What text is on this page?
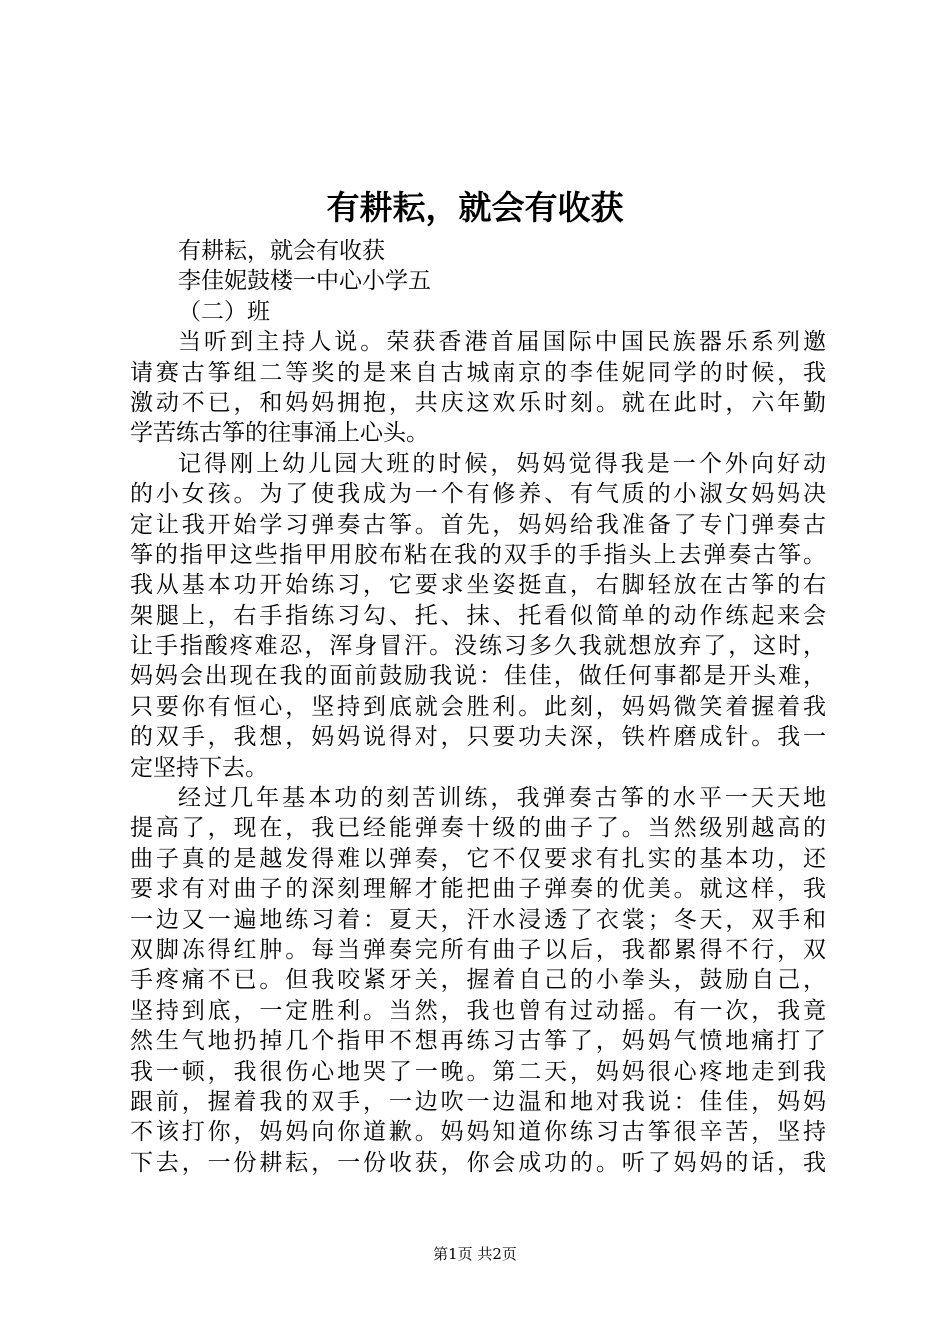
有耕耘，就会有收获
有耕耘，就会有收获
李佳妮鼓楼一中心小学五
（二）班
当听到主持人说。荣获香港首届国际中国民族器乐系列邀
请赛古筝组二等奖的是来自古城南京的李佳妮同学的时候，我
激动不已，和妈妈拥抱，共庆这欢乐时刻。就在此时，六年勤
学苦练古筝的往事涌上心头。
记得刚上幼儿园大班的时候，妈妈觉得我是一个外向好动
的小女孩。为了使我成为一个有修养、有气质的小淑女妈妈决
定让我开始学习弹奏古筝。首先，妈妈给我准备了专门弹奏古
筝的指甲这些指甲用胶布粘在我的双手的手指头上去弹奏古筝。
我从基本功开始练习，它要求坐姿挺直，右脚轻放在古筝的右
架腿上，右手指练习勾、托、抹、托看似简单的动作练起来会
让手指酸疼难忍，浑身冒汗。没练习多久我就想放弃了，这时，
妈妈会出现在我的面前鼓励我说：佳佳，做任何事都是开头难，
只要你有恒心，坚持到底就会胜利。此刻，妈妈微笑着握着我
的双手，我想，妈妈说得对，只要功夫深，铁杵磨成针。我一
定坚持下去。
经过几年基本功的刻苦训练，我弹奏古筝的水平一天天地
提高了，现在，我已经能弹奏十级的曲子了。当然级别越高的
曲子真的是越发得难以弹奏，它不仅要求有扎实的基本功，还
要求有对曲子的深刻理解才能把曲子弹奏的优美。就这样，我
一边又一遍地练习着：夏天，汗水浸透了衣裳；冬天，双手和
双脚冻得红肿。每当弹奏完所有曲子以后，我都累得不行，双
手疼痛不已。但我咬紧牙关，握着自己的小拳头，鼓励自己，
坚持到底，一定胜利。当然，我也曾有过动摇。有一次，我竟
然生气地扔掉几个指甲不想再练习古筝了，妈妈气愤地痛打了
我一顿，我很伤心地哭了一晚。第二天，妈妈很心疼地走到我
跟前，握着我的双手，一边吹一边温和地对我说：佳佳，妈妈
不该打你，妈妈向你道歉。妈妈知道你练习古筝很辛苦，坚持
下去，一份耕耘，一份收获，你会成功的。听了妈妈的话，我
第1页 共2页
